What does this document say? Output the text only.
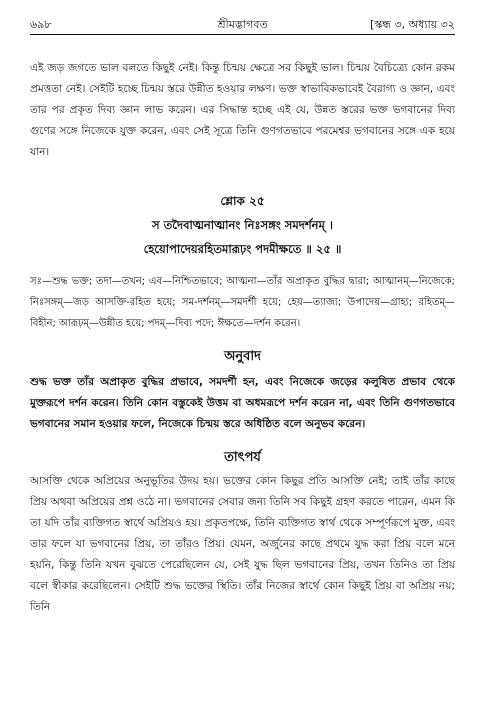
৬৯৮	শ্রীমদ্ভাগবত	[স্কন্ধ ৩, অধ্যায় ৩২

এই জড় জগতে ভাল বলতে কিছুই নেই। কিন্তু চিন্ময় ক্ষেত্রে সব কিছুই ভাল। চিন্ময় বৈচিত্র্যে কোন রকম প্রমত্ততা নেই। সেইটি হচ্ছে চিন্ময় স্তরে উন্নীত হওয়ার লক্ষণ। ভক্ত স্বাভাবিকভাবেই বৈরাগ্য ও জ্ঞান, এবং তার পর প্রকৃত দিব্য জ্ঞান লাভ করেন। এর সিদ্ধান্ত হচ্ছে এই যে, উন্নত স্তরের ভক্ত ভগবানের দিব্য গুণের সঙ্গে নিজেকে যুক্ত করেন, এবং সেই সূত্রে তিনি গুণগতভাবে পরমেশ্বর ভগবানের সঙ্গে এক হয়ে যান।

শ্লোক ২৫
স তদৈবাত্মনাত্মানং নিঃসঙ্গং সমদর্শনম্ ।
হেয়োপাদেয়রহিতমারূঢ়ং পদমীক্ষতে ॥ ২৫ ॥

সঃ—শুদ্ধ ভক্ত; তদা—তখন; এব—নিশ্চিতভাবে; আত্মনা—তাঁর অপ্রাকৃত বুদ্ধির দ্বারা; আত্মানম্—নিজেকে; নিঃসঙ্গম্—জড় আসক্তি-রহিত হয়ে; সম-দর্শনম্—সমদর্শী হয়ে; হেয়—ত্যাজ্য; উপাদেয়—গ্রাহ্য; রহিতম্—বিহীন; আরূঢ়ম্—উন্নীত হয়ে; পদম্—দিব্য পদে; ঈক্ষতে—দর্শন করেন।

অনুবাদ

শুদ্ধ ভক্ত তাঁর অপ্রাকৃত বুদ্ধির প্রভাবে, সমদর্শী হন, এবং নিজেকে জড়ের কলুষিত প্রভাব থেকে মুক্তরূপে দর্শন করেন। তিনি কোন বস্তুকেই উত্তম বা অধমরূপে দর্শন করেন না, এবং তিনি গুণগতভাবে ভগবানের সমান হওয়ার ফলে, নিজেকে চিন্ময় স্তরে অধিষ্ঠিত বলে অনুভব করেন।

তাৎপর্য

আসক্তি থেকে অপ্রিয়ের অনুভূতির উদয় হয়। ভক্তের কোন কিছুর প্রতি আসক্তি নেই; তাই তাঁর কাছে প্রিয় অথবা অপ্রিয়ের প্রশ্ন ওঠে না। ভগবানের সেবার জন্য তিনি সব কিছুই গ্রহণ করতে পারেন, এমন কি তা যদি তাঁর ব্যক্তিগত স্বার্থে অপ্রিয়ও হয়। প্রকৃতপক্ষে, তিনি ব্যক্তিগত স্বার্থ থেকে সম্পূর্ণরূপে মুক্ত, এবং তার ফলে যা ভগবানের প্রিয়, তা তাঁরও প্রিয়। যেমন, অর্জুনের কাছে প্রথমে যুদ্ধ করা প্রিয় বলে মনে হয়নি, কিন্তু তিনি যখন বুঝতে পেরেছিলেন যে, সেই যুদ্ধ ছিল ভগবানের প্রিয়, তখন তিনিও তা প্রিয় বলে স্বীকার করেছিলেন। সেইটি শুদ্ধ ভক্তের স্থিতি। তাঁর নিজের স্বার্থে কোন কিছুই প্রিয় বা অপ্রিয় নয়; তিনি
